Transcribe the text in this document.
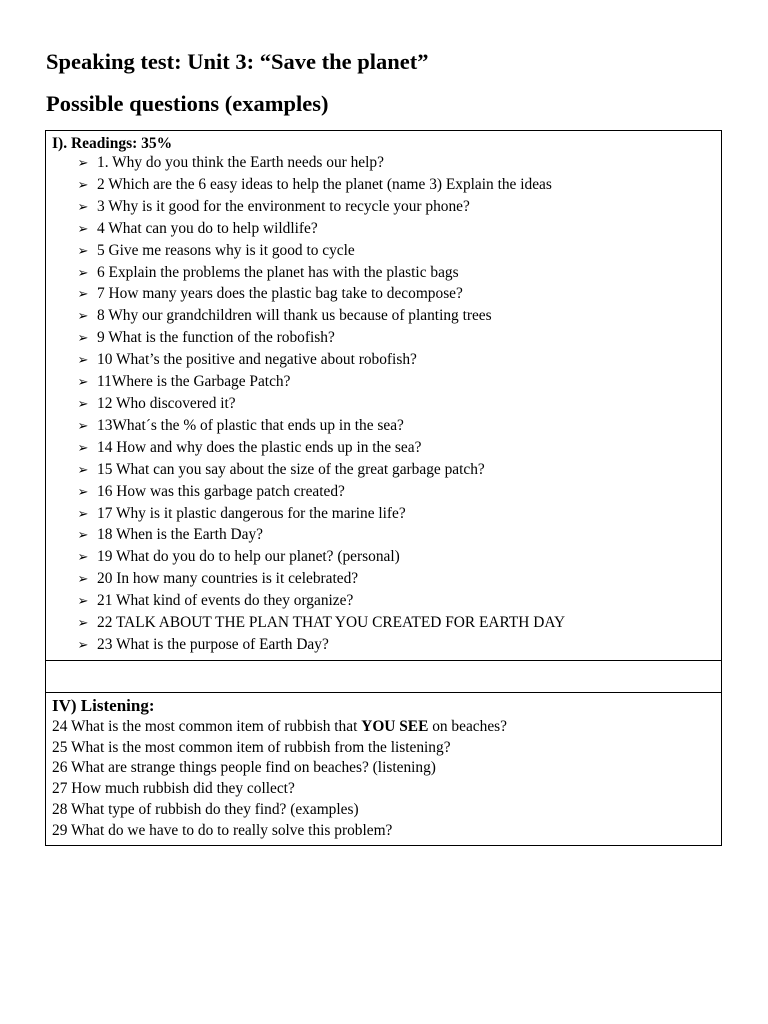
Speaking test: Unit 3: “Save the planet”
Possible questions (examples)
I). Readings: 35%
➢ 1. Why do you think the Earth needs our help?
➢ 2 Which are the 6 easy ideas to help the planet (name 3) Explain the ideas
➢ 3 Why is it good for the environment to recycle your phone?
➢ 4 What can you do to help wildlife?
➢ 5 Give me reasons why is it good to cycle
➢ 6 Explain the problems the planet has with the plastic bags
➢ 7 How many years does the plastic bag take to decompose?
➢ 8 Why our grandchildren will thank us because of planting trees
➢ 9 What is the function of the robofish?
➢ 10 What’s the positive and negative about robofish?
➢ 11Where is the Garbage Patch?
➢ 12 Who discovered it?
➢ 13What´s the % of plastic that ends up in the sea?
➢ 14 How and why does the plastic ends up in the sea?
➢ 15 What can you say about the size of the great garbage patch?
➢ 16 How was this garbage patch created?
➢ 17 Why is it plastic dangerous for the marine life?
➢ 18 When is the Earth Day?
➢ 19 What do you do to help our planet? (personal)
➢ 20 In how many countries is it celebrated?
➢ 21 What kind of events do they organize?
➢ 22 TALK ABOUT THE PLAN THAT YOU CREATED FOR EARTH DAY
➢ 23 What is the purpose of Earth Day?

IV) Listening:
24 What is the most common item of rubbish that YOU SEE on beaches?
25 What is the most common item of rubbish from the listening?
26 What are strange things people find on beaches? (listening)
27 How much rubbish did they collect?
28 What type of rubbish do they find? (examples)
29 What do we have to do to really solve this problem?
